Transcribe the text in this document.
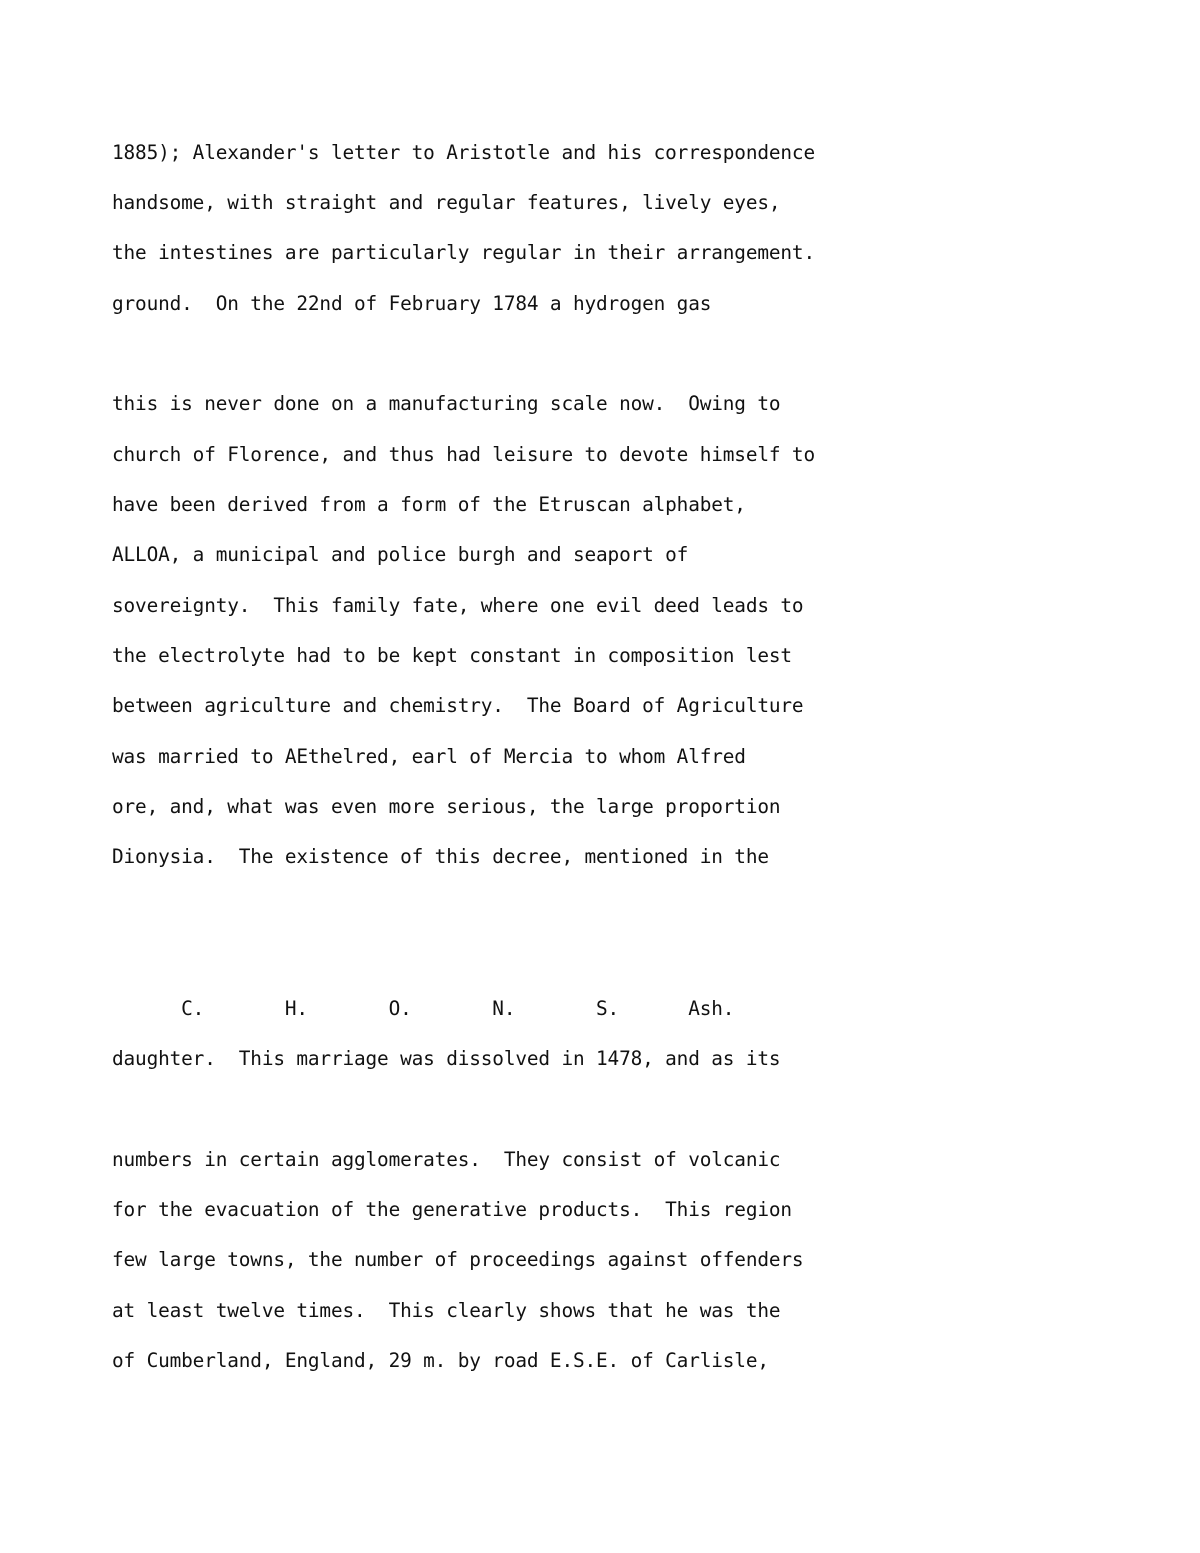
1885); Alexander's letter to Aristotle and his correspondence
handsome, with straight and regular features, lively eyes,
the intestines are particularly regular in their arrangement.
ground.  On the 22nd of February 1784 a hydrogen gas
this is never done on a manufacturing scale now.  Owing to
church of Florence, and thus had leisure to devote himself to
have been derived from a form of the Etruscan alphabet,
ALLOA, a municipal and police burgh and seaport of
sovereignty.  This family fate, where one evil deed leads to
the electrolyte had to be kept constant in composition lest
between agriculture and chemistry.  The Board of Agriculture
was married to AEthelred, earl of Mercia to whom Alfred
ore, and, what was even more serious, the large proportion
Dionysia.  The existence of this decree, mentioned in the
C.       H.       O.       N.       S.      Ash.
daughter.  This marriage was dissolved in 1478, and as its
numbers in certain agglomerates.  They consist of volcanic
for the evacuation of the generative products.  This region
few large towns, the number of proceedings against offenders
at least twelve times.  This clearly shows that he was the
of Cumberland, England, 29 m. by road E.S.E. of Carlisle,
